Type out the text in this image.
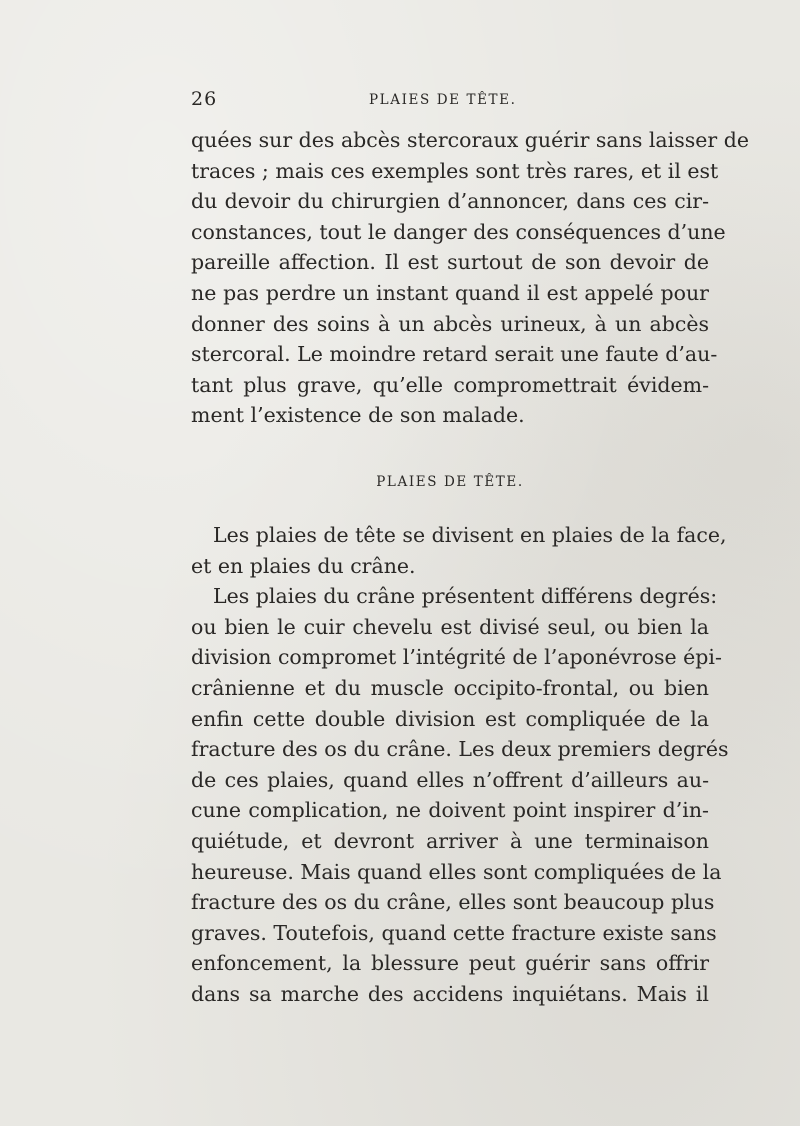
26	PLAIES DE TÊTE.
quées sur des abcès stercoraux guérir sans laisser de
traces ; mais ces exemples sont très rares, et il est
du devoir du chirurgien d’annoncer, dans ces cir-
constances, tout le danger des conséquences d’une
pareille affection. Il est surtout de son devoir de
ne pas perdre un instant quand il est appelé pour
donner des soins à un abcès urineux, à un abcès
stercoral. Le moindre retard serait une faute d’au-
tant plus grave, qu’elle compromettrait évidem-
ment l’existence de son malade.
PLAIES DE TÊTE.
Les plaies de tête se divisent en plaies de la face,
et en plaies du crâne.
Les plaies du crâne présentent différens degrés:
ou bien le cuir chevelu est divisé seul, ou bien la
division compromet l’intégrité de l’aponévrose épi-
crânienne et du muscle occipito-frontal, ou bien
enfin cette double division est compliquée de la
fracture des os du crâne. Les deux premiers degrés
de ces plaies, quand elles n’offrent d’ailleurs au-
cune complication, ne doivent point inspirer d’in-
quiétude, et devront arriver à une terminaison
heureuse. Mais quand elles sont compliquées de la
fracture des os du crâne, elles sont beaucoup plus
graves. Toutefois, quand cette fracture existe sans
enfoncement, la blessure peut guérir sans offrir
dans sa marche des accidens inquiétans. Mais il
